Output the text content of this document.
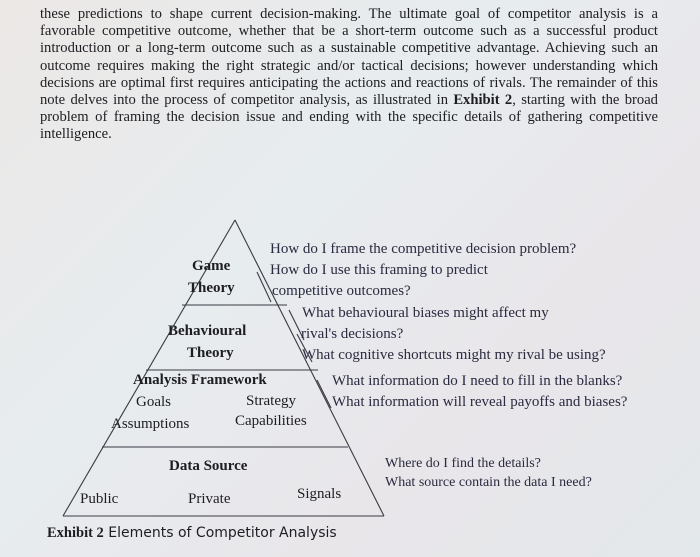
these predictions to shape current decision-making. The ultimate goal of competitor analysis is a favorable competitive outcome, whether that be a short-term outcome such as a successful product introduction or a long-term outcome such as a sustainable competitive advantage. Achieving such an outcome requires making the right strategic and/or tactical decisions; however understanding which decisions are optimal first requires anticipating the actions and reactions of rivals. The remainder of this note delves into the process of competitor analysis, as illustrated in Exhibit 2, starting with the broad problem of framing the decision issue and ending with the specific details of gathering competitive intelligence.

Game
Theory
How do I frame the competitive decision problem?
How do I use this framing to predict
competitive outcomes?
Behavioural
Theory
What behavioural biases might affect my
rival's decisions?
What cognitive shortcuts might my rival be using?
Analysis Framework
Goals	Strategy
Assumptions	Capabilities
What information do I need to fill in the blanks?
What information will reveal payoffs and biases?
Data Source
Public	Private	Signals
Where do I find the details?
What source contain the data I need?
Exhibit 2 Elements of Competitor Analysis
